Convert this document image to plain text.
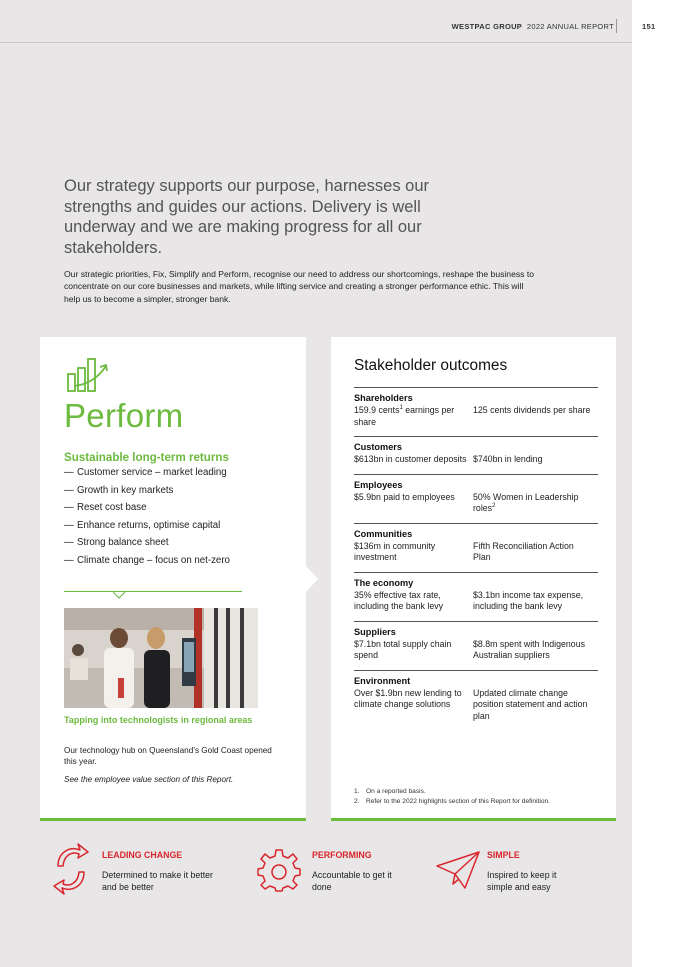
WESTPAC GROUP 2022 ANNUAL REPORT	151
Our strategy supports our purpose, harnesses our strengths and guides our actions. Delivery is well underway and we are making progress for all our stakeholders.
Our strategic priorities, Fix, Simplify and Perform, recognise our need to address our shortcomings, reshape the business to concentrate on our core businesses and markets, while lifting service and creating a stronger performance ethic. This will help us to become a simpler, stronger bank.
Perform
Sustainable long-term returns
— Customer service – market leading
— Growth in key markets
— Reset cost base
— Enhance returns, optimise capital
— Strong balance sheet
— Climate change – focus on net-zero
Tapping into technologists in regional areas
Our technology hub on Queensland’s Gold Coast opened this year.
See the employee value section of this Report.
Stakeholder outcomes
Shareholders
159.9 cents$^1$ earnings per share
125 cents dividends per share
Customers
$613bn in customer deposits $740bn in lending
Employees
$5.9bn paid to employees	50% Women in Leadership roles$^2$
Communities
$136m in community investment
Fifth Reconciliation Action Plan
The economy
35% effective tax rate, including the bank levy
$3.1bn income tax expense, including the bank levy
Suppliers
$7.1bn total supply chain spend
$8.8m spent with Indigenous Australian suppliers
Environment
Over $1.9bn new lending to climate change solutions
Updated climate change position statement and action plan
1. On a reported basis.
2. Refer to the 2022 highlights section of this Report for definition.
LEADING CHANGE
Determined to make it better and be better
PERFORMING
Accountable to get it done
SIMPLE
Inspired to keep it simple and easy
